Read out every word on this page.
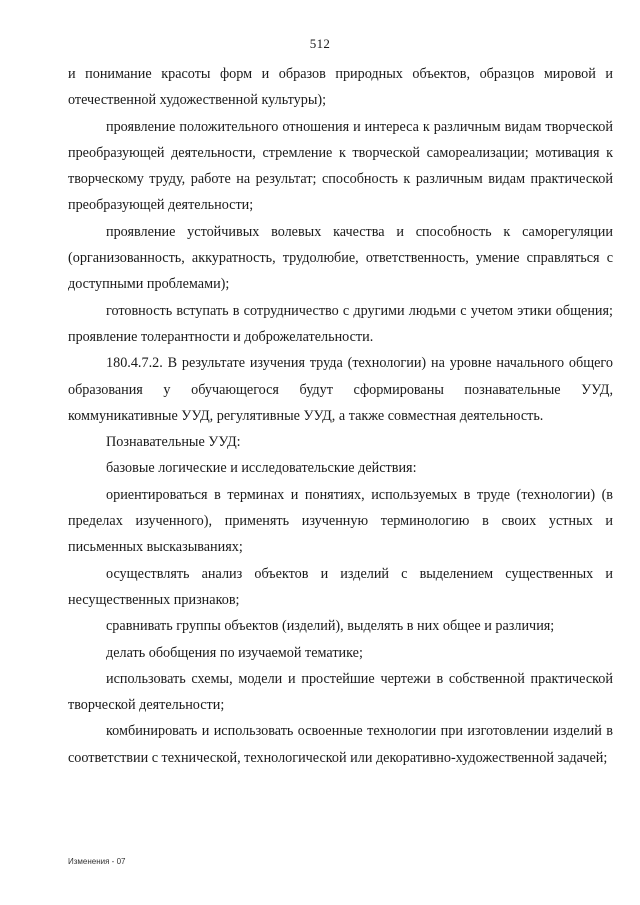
512

и понимание красоты форм и образов природных объектов, образцов мировой и отечественной художественной культуры);

проявление положительного отношения и интереса к различным видам творческой преобразующей деятельности, стремление к творческой самореализации; мотивация к творческому труду, работе на результат; способность к различным видам практической преобразующей деятельности;

проявление устойчивых волевых качества и способность к саморегуляции (организованность, аккуратность, трудолюбие, ответственность, умение справляться с доступными проблемами);

готовность вступать в сотрудничество с другими людьми с учетом этики общения; проявление толерантности и доброжелательности.

180.4.7.2. В результате изучения труда (технологии) на уровне начального общего образования у обучающегося будут сформированы познавательные УУД, коммуникативные УУД, регулятивные УУД, а также совместная деятельность.

Познавательные УУД:

базовые логические и исследовательские действия:

ориентироваться в терминах и понятиях, используемых в труде (технологии) (в пределах изученного), применять изученную терминологию в своих устных и письменных высказываниях;

осуществлять анализ объектов и изделий с выделением существенных и несущественных признаков;

сравнивать группы объектов (изделий), выделять в них общее и различия;

делать обобщения по изучаемой тематике;

использовать схемы, модели и простейшие чертежи в собственной практической творческой деятельности;

комбинировать и использовать освоенные технологии при изготовлении изделий в соответствии с технической, технологической или декоративно-художественной задачей;

Изменения - 07
